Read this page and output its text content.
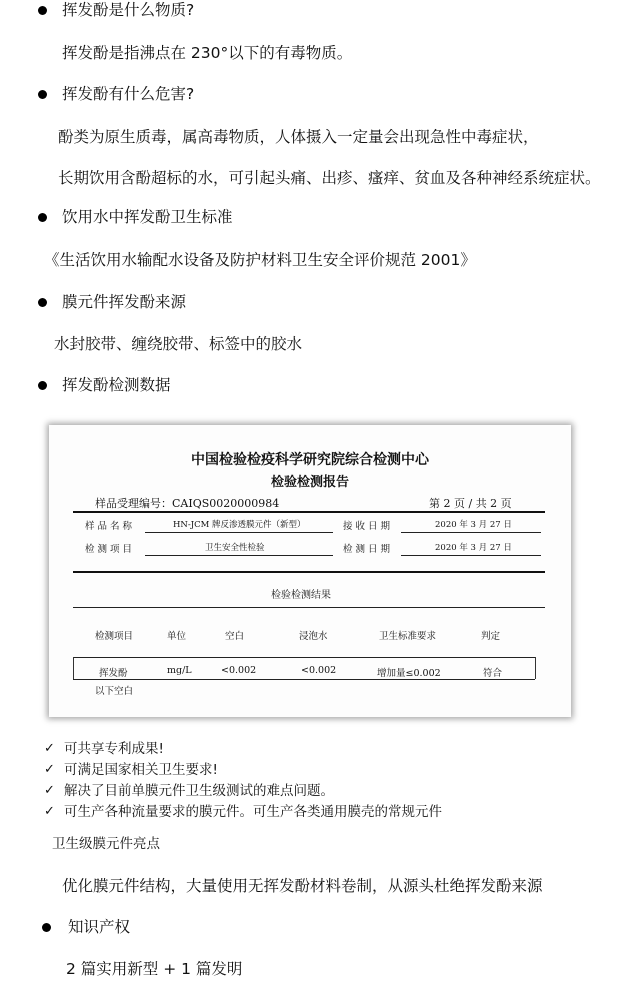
挥发酚是什么物质?
挥发酚是指沸点在 230°以下的有毒物质。
挥发酚有什么危害?
酚类为原生质毒，属高毒物质，人体摄入一定量会出现急性中毒症状，
长期饮用含酚超标的水，可引起头痛、出疹、瘙痒、贫血及各种神经系统症状。
饮用水中挥发酚卫生标准
《生活饮用水输配水设备及防护材料卫生安全评价规范 2001》
膜元件挥发酚来源
水封胶带、缠绕胶带、标签中的胶水
挥发酚检测数据
中国检验检疫科学研究院综合检测中心
检验检测报告
样品受理编号：CAIQS0020000984	第 2 页 / 共 2 页
样 品 名 称	HN-JCM 牌反渗透膜元件（新型）	接 收 日 期	2020 年 3 月 27 日
检 测 项 目	卫生安全性检验	检 测 日 期	2020 年 3 月 27 日
检验检测结果
检测项目	单位	空白	浸泡水	卫生标准要求	判定
挥发酚	mg/L	<0.002	<0.002	增加量≤0.002	符合
以下空白
✓ 可共享专利成果!
✓ 可满足国家相关卫生要求!
✓ 解决了目前单膜元件卫生级测试的难点问题。
✓ 可生产各种流量要求的膜元件。可生产各类通用膜壳的常规元件
卫生级膜元件亮点
优化膜元件结构，大量使用无挥发酚材料卷制，从源头杜绝挥发酚来源
知识产权
2 篇实用新型 + 1 篇发明
